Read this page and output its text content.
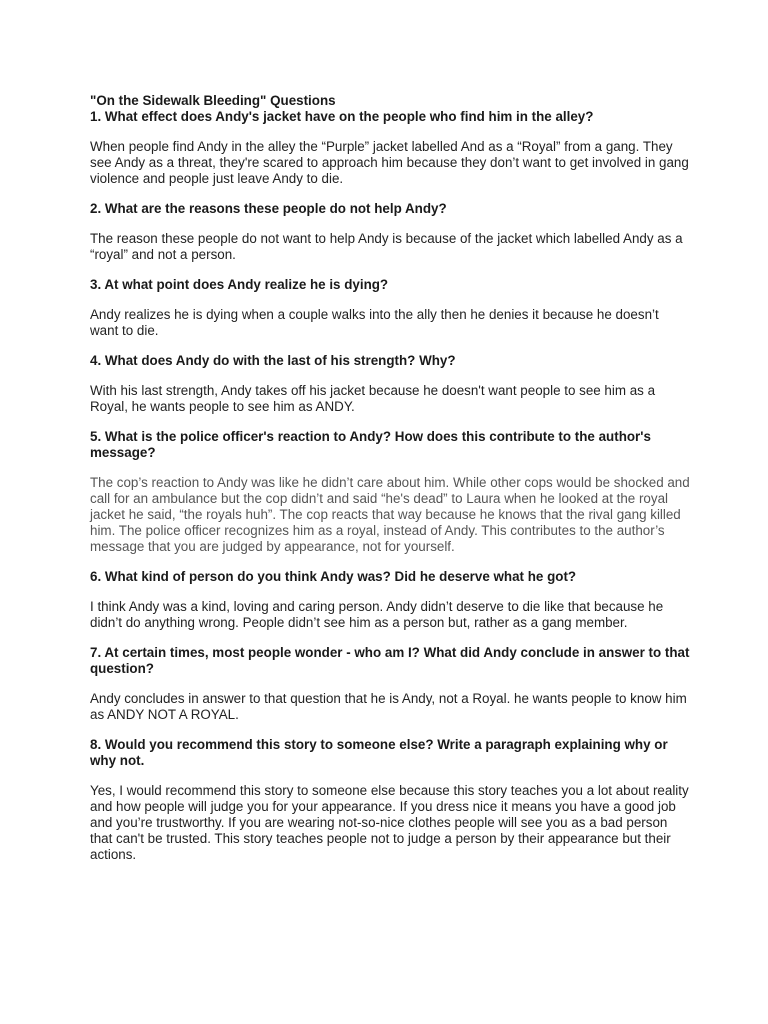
"On the Sidewalk Bleeding" Questions

1. What effect does Andy's jacket have on the people who find him in the alley?

When people find Andy in the alley the “Purple” jacket labelled And as a “Royal” from a gang. They see Andy as a threat, they're scared to approach him because they don’t want to get involved in gang violence and people just leave Andy to die.

2. What are the reasons these people do not help Andy?

The reason these people do not want to help Andy is because of the jacket which labelled Andy as a “royal” and not a person.

3. At what point does Andy realize he is dying?

Andy realizes he is dying when a couple walks into the ally then he denies it because he doesn’t want to die.

4. What does Andy do with the last of his strength? Why?

With his last strength, Andy takes off his jacket because he doesn't want people to see him as a Royal, he wants people to see him as ANDY.

5. What is the police officer's reaction to Andy? How does this contribute to the author's message?

The cop’s reaction to Andy was like he didn’t care about him. While other cops would be shocked and call for an ambulance but the cop didn’t and said “he's dead” to Laura when he looked at the royal jacket he said, “the royals huh”. The cop reacts that way because he knows that the rival gang killed him. The police officer recognizes him as a royal, instead of Andy. This contributes to the author’s message that you are judged by appearance, not for yourself.

6. What kind of person do you think Andy was? Did he deserve what he got?

I think Andy was a kind, loving and caring person. Andy didn’t deserve to die like that because he didn’t do anything wrong. People didn’t see him as a person but, rather as a gang member.

7. At certain times, most people wonder - who am I? What did Andy conclude in answer to that question?

Andy concludes in answer to that question that he is Andy, not a Royal. he wants people to know him as ANDY NOT A ROYAL.

8. Would you recommend this story to someone else? Write a paragraph explaining why or why not.

Yes, I would recommend this story to someone else because this story teaches you a lot about reality and how people will judge you for your appearance. If you dress nice it means you have a good job and you’re trustworthy. If you are wearing not-so-nice clothes people will see you as a bad person that can't be trusted. This story teaches people not to judge a person by their appearance but their actions.
